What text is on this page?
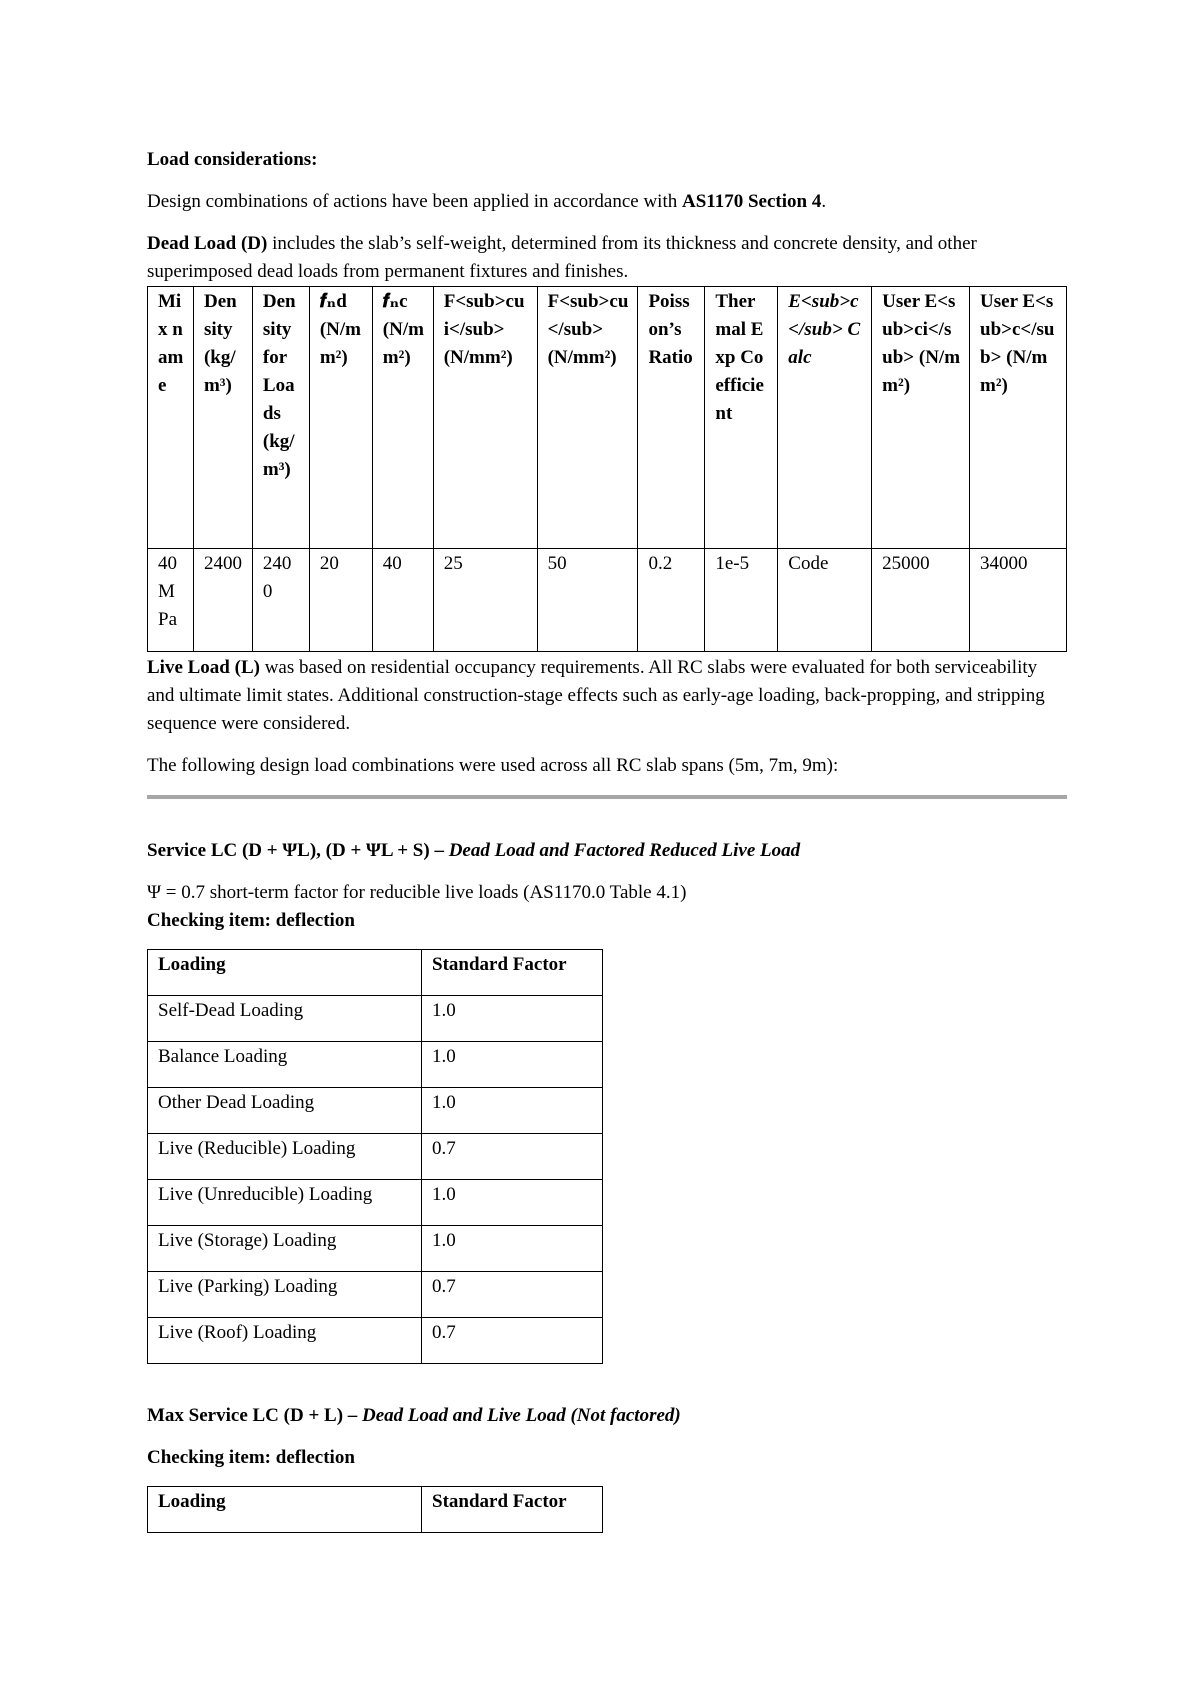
Load considerations:

Design combinations of actions have been applied in accordance with AS1170 Section 4.

Dead Load (D) includes the slab’s self-weight, determined from its thickness and concrete density, and other superimposed dead loads from permanent fixtures and finishes.

Mix name	Density (kg/m³)	Density for Loads (kg/m³)	𝒇ₙd (N/mm²)	𝒇ₙc (N/mm²)	F<sub>cui</sub> (N/mm²)	F<sub>cu</sub> (N/mm²)	Poisson’s Ratio	Thermal Exp Coefficient	E<sub>c</sub> Calc	User E<sub>ci</sub> (N/mm²)	User E<sub>c</sub> (N/mm²)
40 MPa	2400	2400	20	40	25	50	0.2	1e-5	Code	25000	34000

Live Load (L) was based on residential occupancy requirements. All RC slabs were evaluated for both serviceability and ultimate limit states. Additional construction-stage effects such as early-age loading, back-propping, and stripping sequence were considered.

The following design load combinations were used across all RC slab spans (5m, 7m, 9m):

Service LC (D + ΨL), (D + ΨL + S) – Dead Load and Factored Reduced Live Load

Ψ = 0.7 short-term factor for reducible live loads (AS1170.0 Table 4.1)

Checking item: deflection

Loading	Standard Factor
Self-Dead Loading	1.0
Balance Loading	1.0
Other Dead Loading	1.0
Live (Reducible) Loading	0.7
Live (Unreducible) Loading	1.0
Live (Storage) Loading	1.0
Live (Parking) Loading	0.7
Live (Roof) Loading	0.7

Max Service LC (D + L) – Dead Load and Live Load (Not factored)

Checking item: deflection

Loading	Standard Factor
